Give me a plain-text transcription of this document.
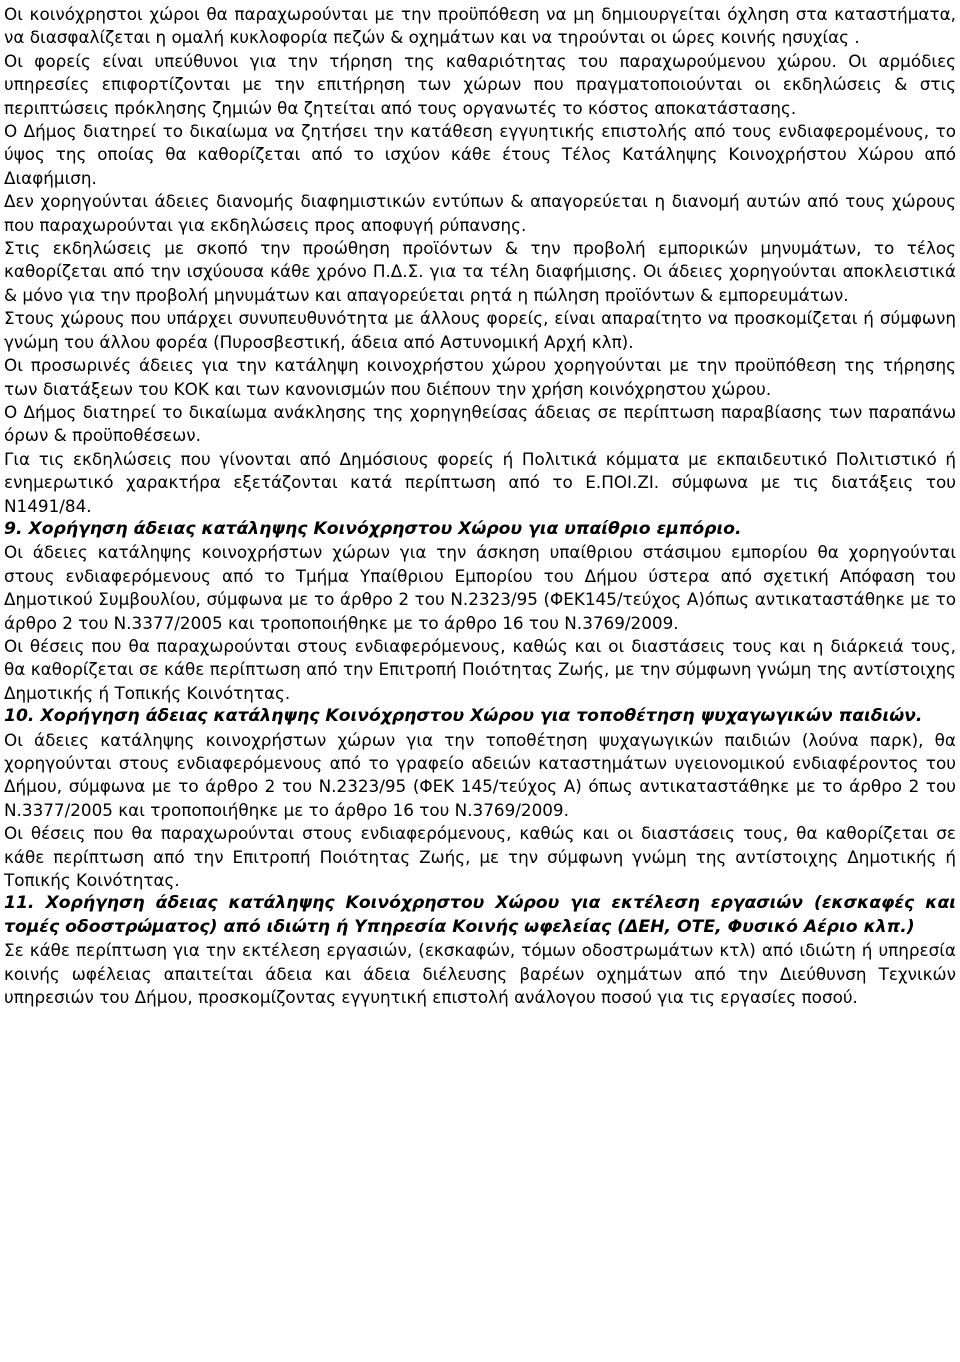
Οι κοινόχρηστοι χώροι θα παραχωρούνται με την προϋπόθεση να μη δημιουργείται όχληση στα καταστήματα, να διασφαλίζεται η ομαλή κυκλοφορία πεζών & οχημάτων και να τηρούνται οι ώρες κοινής ησυχίας .

Οι φορείς είναι υπεύθυνοι για την τήρηση της καθαριότητας του παραχωρούμενου χώρου. Οι αρμόδιες υπηρεσίες επιφορτίζονται με την επιτήρηση των χώρων που πραγματοποιούνται οι εκδηλώσεις & στις περιπτώσεις πρόκλησης ζημιών θα ζητείται από τους οργανωτές το κόστος αποκατάστασης.

Ο Δήμος διατηρεί το δικαίωμα να ζητήσει την κατάθεση εγγυητικής επιστολής από τους ενδιαφερομένους, το ύψος της οποίας θα καθορίζεται από το ισχύον κάθε έτους Τέλος Κατάληψης Κοινοχρήστου Χώρου από Διαφήμιση.

Δεν χορηγούνται άδειες διανομής διαφημιστικών εντύπων & απαγορεύεται η διανομή αυτών από τους χώρους που παραχωρούνται για εκδηλώσεις προς αποφυγή ρύπανσης.

Στις εκδηλώσεις με σκοπό την προώθηση προϊόντων & την προβολή εμπορικών μηνυμάτων, το τέλος καθορίζεται από την ισχύουσα κάθε χρόνο Π.Δ.Σ. για τα τέλη διαφήμισης. Οι άδειες χορηγούνται αποκλειστικά & μόνο για την προβολή μηνυμάτων και απαγορεύεται ρητά η πώληση προϊόντων & εμπορευμάτων.

Στους χώρους που υπάρχει συνυπευθυνότητα με άλλους φορείς, είναι απαραίτητο να προσκομίζεται ή σύμφωνη γνώμη του άλλου φορέα (Πυροσβεστική, άδεια από Αστυνομική Αρχή κλπ).

Οι προσωρινές άδειες για την κατάληψη κοινοχρήστου χώρου χορηγούνται με την προϋπόθεση της τήρησης των διατάξεων του ΚΟΚ και των κανονισμών που διέπουν την χρήση κοινόχρηστου χώρου.

Ο Δήμος διατηρεί το δικαίωμα ανάκλησης της χορηγηθείσας άδειας σε περίπτωση παραβίασης των παραπάνω όρων & προϋποθέσεων.

Για τις εκδηλώσεις που γίνονται από Δημόσιους φορείς ή Πολιτικά κόμματα με εκπαιδευτικό Πολιτιστικό ή ενημερωτικό χαρακτήρα εξετάζονται κατά περίπτωση από το Ε.ΠΟΙ.ΖΙ. σύμφωνα με τις διατάξεις του Ν1491/84.

9. Χορήγηση άδειας κατάληψης Κοινόχρηστου Χώρου για υπαίθριο εμπόριο.

Οι άδειες κατάληψης κοινοχρήστων χώρων για την άσκηση υπαίθριου στάσιμου εμπορίου θα χορηγούνται στους ενδιαφερόμενους από το Τμήμα Υπαίθριου Εμπορίου του Δήμου ύστερα από σχετική Απόφαση του Δημοτικού Συμβουλίου, σύμφωνα με το άρθρο 2 του Ν.2323/95 (ΦΕΚ145/τεύχος Α)όπως αντικαταστάθηκε με το άρθρο 2 του Ν.3377/2005 και τροποποιήθηκε με το άρθρο 16 του Ν.3769/2009.

Οι θέσεις που θα παραχωρούνται στους ενδιαφερόμενους, καθώς και οι διαστάσεις τους και η διάρκειά τους, θα καθορίζεται σε κάθε περίπτωση από την Επιτροπή Ποιότητας Ζωής, με την σύμφωνη γνώμη της αντίστοιχης Δημοτικής ή Τοπικής Κοινότητας.

10. Χορήγηση άδειας κατάληψης Κοινόχρηστου Χώρου για τοποθέτηση ψυχαγωγικών παιδιών.

Οι άδειες κατάληψης κοινοχρήστων χώρων για την τοποθέτηση ψυχαγωγικών παιδιών (λούνα παρκ), θα χορηγούνται στους ενδιαφερόμενους από το γραφείο αδειών καταστημάτων υγειονομικού ενδιαφέροντος του Δήμου, σύμφωνα με το άρθρο 2 του Ν.2323/95 (ΦΕΚ 145/τεύχος Α) όπως αντικαταστάθηκε με το άρθρο 2 του Ν.3377/2005 και τροποποιήθηκε με το άρθρο 16 του Ν.3769/2009.

Οι θέσεις που θα παραχωρούνται στους ενδιαφερόμενους, καθώς και οι διαστάσεις τους, θα καθορίζεται σε κάθε περίπτωση από την Επιτροπή Ποιότητας Ζωής, με την σύμφωνη γνώμη της αντίστοιχης Δημοτικής ή Τοπικής Κοινότητας.

11. Χορήγηση άδειας κατάληψης Κοινόχρηστου Χώρου για εκτέλεση εργασιών (εκσκαφές και τομές οδοστρώματος) από ιδιώτη ή Υπηρεσία Κοινής ωφελείας (ΔΕΗ, ΟΤΕ, Φυσικό Αέριο κλπ.)

Σε κάθε περίπτωση για την εκτέλεση εργασιών, (εκσκαφών, τόμων οδοστρωμάτων κτλ) από ιδιώτη ή υπηρεσία κοινής ωφέλειας απαιτείται άδεια και άδεια διέλευσης βαρέων οχημάτων από την Διεύθυνση Τεχνικών υπηρεσιών του Δήμου, προσκομίζοντας εγγυητική επιστολή ανάλογου ποσού για τις εργασίες ποσού.
